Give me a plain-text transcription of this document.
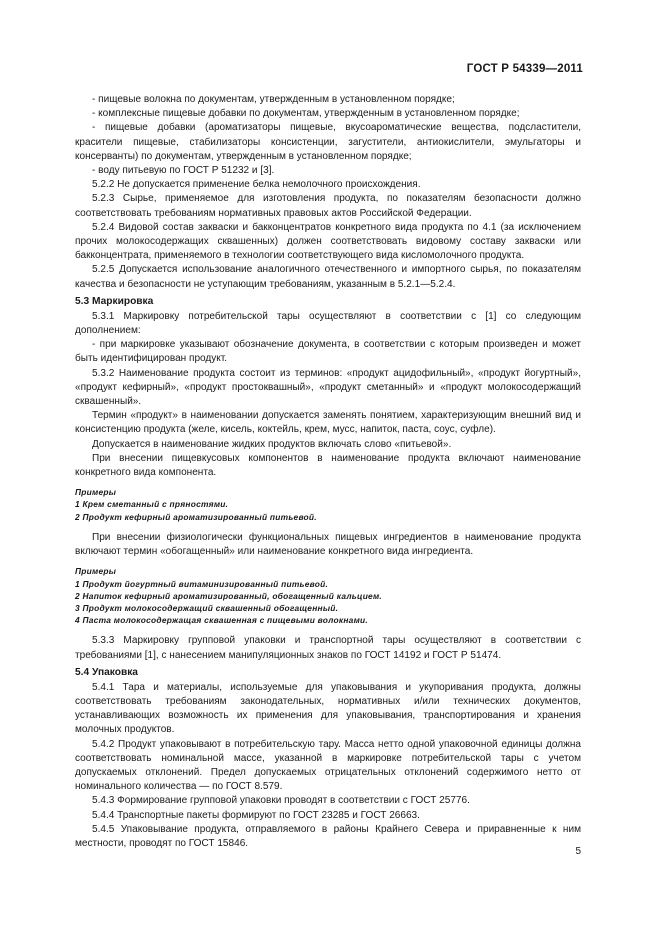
ГОСТ Р 54339—2011

- пищевые волокна по документам, утвержденным в установленном порядке;

- комплексные пищевые добавки по документам, утвержденным в установленном порядке;

- пищевые добавки (ароматизаторы пищевые, вкусоароматические вещества, подсластители, красители пищевые, стабилизаторы консистенции, загустители, антиокислители, эмульгаторы и консерванты) по документам, утвержденным в установленном порядке;

- воду питьевую по ГОСТ Р 51232 и [3].

5.2.2 Не допускается применение белка немолочного происхождения.

5.2.3 Сырье, применяемое для изготовления продукта, по показателям безопасности должно соответствовать требованиям нормативных правовых актов Российской Федерации.

5.2.4 Видовой состав закваски и бакконцентратов конкретного вида продукта по 4.1 (за исключением прочих молокосодержащих сквашенных) должен соответствовать видовому составу закваски или бакконцентрата, применяемого в технологии соответствующего вида кисломолочного продукта.

5.2.5 Допускается использование аналогичного отечественного и импортного сырья, по показателям качества и безопасности не уступающим требованиям, указанным в 5.2.1—5.2.4.

5.3 Маркировка

5.3.1 Маркировку потребительской тары осуществляют в соответствии с [1] со следующим дополнением:

- при маркировке указывают обозначение документа, в соответствии с которым произведен и может быть идентифицирован продукт.

5.3.2 Наименование продукта состоит из терминов: «продукт ацидофильный», «продукт йогуртный», «продукт кефирный», «продукт простоквашный», «продукт сметанный» и «продукт молокосодержащий сквашенный».

Термин «продукт» в наименовании допускается заменять понятием, характеризующим внешний вид и консистенцию продукта (желе, кисель, коктейль, крем, мусс, напиток, паста, соус, суфле).

Допускается в наименование жидких продуктов включать слово «питьевой».

При внесении пищевкусовых компонентов в наименование продукта включают наименование конкретного вида компонента.

Примеры
1 Крем сметанный с пряностями.
2 Продукт кефирный ароматизированный питьевой.

При внесении физиологически функциональных пищевых ингредиентов в наименование продукта включают термин «обогащенный» или наименование конкретного вида ингредиента.

Примеры
1 Продукт йогуртный витаминизированный питьевой.
2 Напиток кефирный ароматизированный, обогащенный кальцием.
3 Продукт молокосодержащий сквашенный обогащенный.
4 Паста молокосодержащая сквашенная с пищевыми волокнами.

5.3.3 Маркировку групповой упаковки и транспортной тары осуществляют в соответствии с требованиями [1], с нанесением манипуляционных знаков по ГОСТ 14192 и ГОСТ Р 51474.

5.4 Упаковка

5.4.1 Тара и материалы, используемые для упаковывания и укупоривания продукта, должны соответствовать требованиям законодательных, нормативных и/или технических документов, устанавливающих возможность их применения для упаковывания, транспортирования и хранения молочных продуктов.

5.4.2 Продукт упаковывают в потребительскую тару. Масса нетто одной упаковочной единицы должна соответствовать номинальной массе, указанной в маркировке потребительской тары с учетом допускаемых отклонений. Предел допускаемых отрицательных отклонений содержимого нетто от номинального количества — по ГОСТ 8.579.

5.4.3 Формирование групповой упаковки проводят в соответствии с ГОСТ 25776.

5.4.4 Транспортные пакеты формируют по ГОСТ 23285 и ГОСТ 26663.

5.4.5 Упаковывание продукта, отправляемого в районы Крайнего Севера и приравненные к ним местности, проводят по ГОСТ 15846.

5
